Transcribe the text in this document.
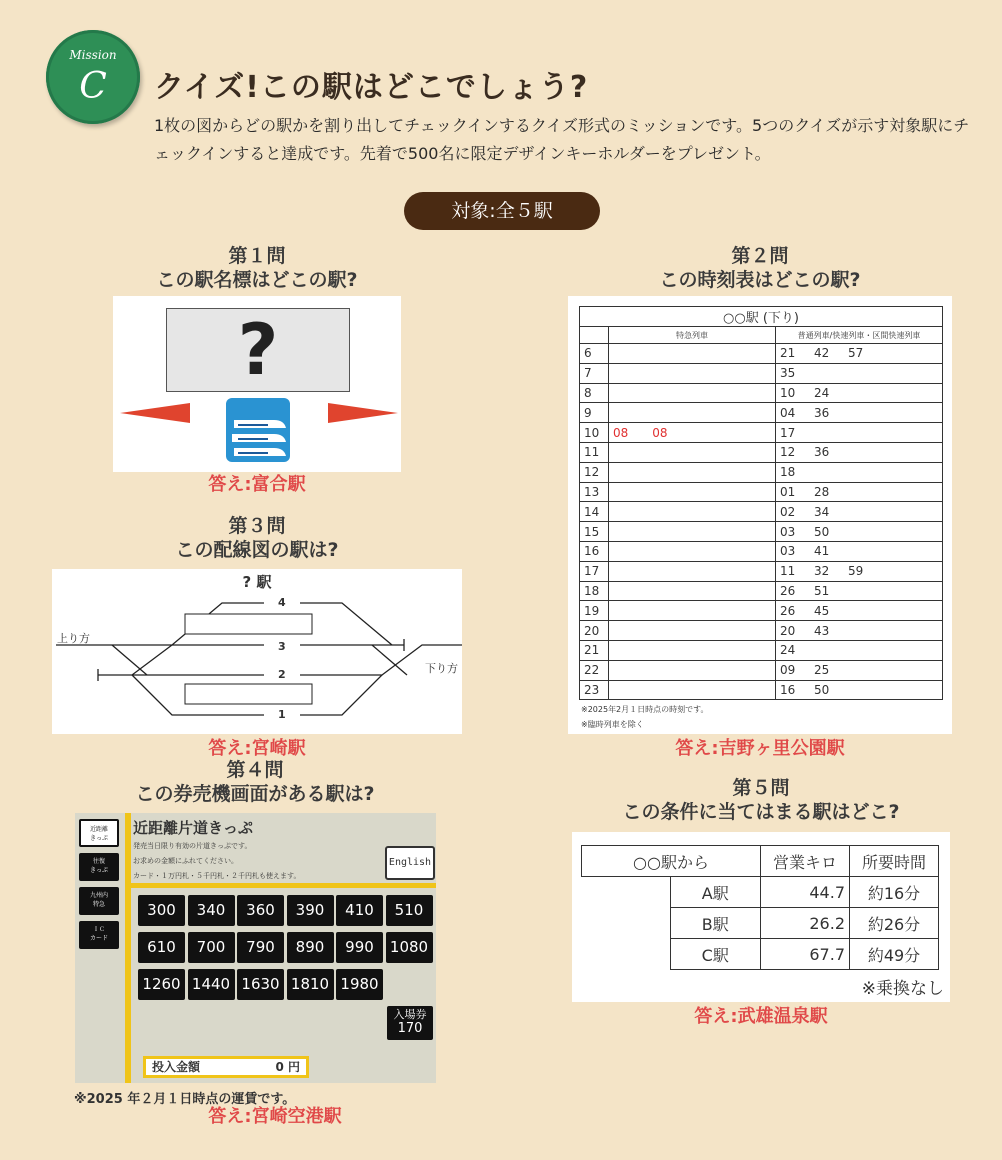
Mission
C	クイズ!この駅はどこでしょう?
1枚の図からどの駅かを割り出してチェックインするクイズ形式のミッションです。5つのクイズが示す対象駅にチェックインすると達成です。先着で500名に限定デザインキーホルダーをプレゼント。
対象:全５駅
第１問
この駅名標はどこの駅?
?
答え:富合駅
第２問
この時刻表はどこの駅?
○○駅 (下り)		
	特急列車	普通列車/快速列車・区間快速列車
6		21 42 57
7		35
8		10 24
9		04 36
10	08　　08	17
11		12 36
12		18
13		01 28
14		02 34
15		03 50
16		03 41
17		11 32 59
18		26 51
19		26 45
20		20 43
21		24
22		09 25
23		16 50
※2025年2月１日時点の時刻です。
※臨時列車を除く
答え:吉野ヶ里公園駅
第３問
この配線図の駅は?
? 駅
上り方
下り方
4
3
2
1
答え:宮崎駅
第４問
この券売機画面がある駅は?
近距離
きっぷ
往復
きっぷ
九州内
特急
ＩＣ
カード
近距離片道きっぷ
発売当日限り有効の片道きっぷです。
お求めの金額にふれてください。
カード・１万円札・５千円札・２千円札も使えます。
English
300	340	360	390	410	510
610	700	790	890	990	1080
1260 1440 1630 1810 1980
入場券
170
投入金額	0 円
※2025 年２月１日時点の運賃です。
答え:宮崎空港駅
第５問
この条件に当てはまる駅はどこ?
○○駅から		営業キロ	所要時間
	A駅	44.7	約16分
	B駅	26.2	約26分
	C駅	67.7	約49分
※乗換なし
答え:武雄温泉駅
